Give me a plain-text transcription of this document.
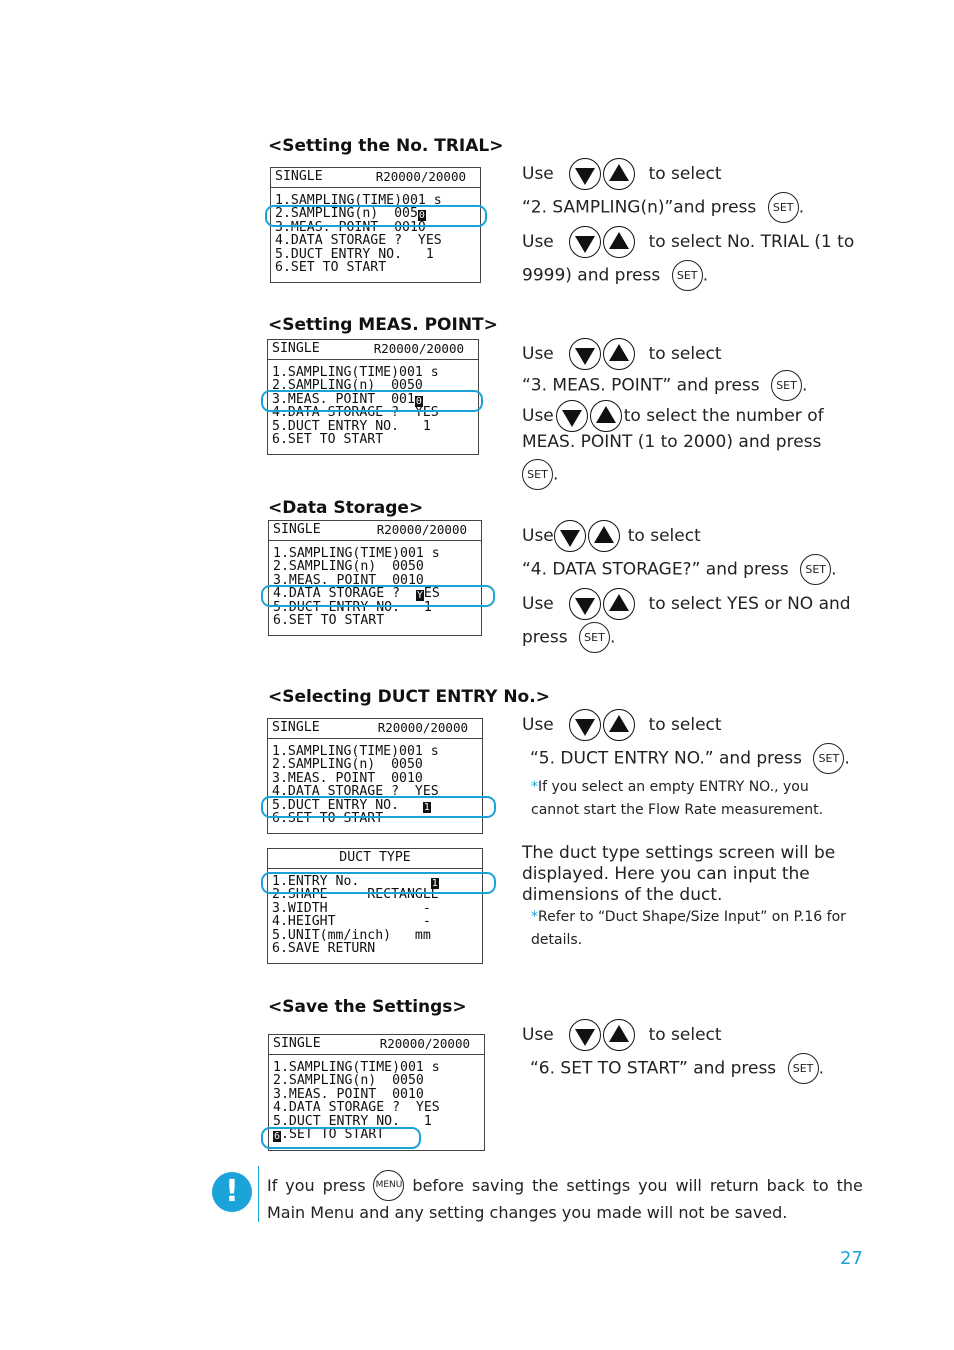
<Setting the No. TRIAL>
SINGLE	R20000/20000
1.SAMPLING(TIME)001 s
2.SAMPLING(n)  0050
3.MEAS. POINT  0010
4.DATA STORAGE ?  YES
5.DUCT ENTRY NO.   1
6.SET TO START
Use	to select
“2. SAMPLING(n)”and press SET .
Use	to select No. TRIAL (1 to
9999) and press SET .
<Setting MEAS. POINT>
SINGLE	R20000/20000
1.SAMPLING(TIME)001 s
2.SAMPLING(n)  0050
3.MEAS. POINT  0010
4.DATA STORAGE ?  YES
5.DUCT ENTRY NO.   1
6.SET TO START
Use	to select
“3. MEAS. POINT” and press SET .
Use	to select the number of
MEAS. POINT (1 to 2000) and press
SET .
<Data Storage>
SINGLE	R20000/20000
1.SAMPLING(TIME)001 s
2.SAMPLING(n)  0050
3.MEAS. POINT  0010
4.DATA STORAGE ?  YES
5.DUCT ENTRY NO.   1
6.SET TO START
Use	to select
“4. DATA STORAGE?” and press SET .
Use	to select YES or NO and
press SET .
<Selecting DUCT ENTRY No.>
SINGLE	R20000/20000
1.SAMPLING(TIME)001 s
2.SAMPLING(n)  0050
3.MEAS. POINT  0010
4.DATA STORAGE ?  YES
5.DUCT ENTRY NO.   1
6.SET TO START
Use	to select
“5. DUCT ENTRY NO.” and press SET .
*If you select an empty ENTRY NO., you
cannot start the Flow Rate measurement.
DUCT TYPE
1.ENTRY No.         1
2.SHAPE     RECTANGLE
3.WIDTH            -
4.HEIGHT           -
5.UNIT(mm/inch)   mm
6.SAVE RETURN
The duct type settings screen will be
displayed. Here you can input the
dimensions of the duct.
*Refer to “Duct Shape/Size Input” on P.16 for
details.
<Save the Settings>
SINGLE	R20000/20000
1.SAMPLING(TIME)001 s
2.SAMPLING(n)  0050
3.MEAS. POINT  0010
4.DATA STORAGE ?  YES
5.DUCT ENTRY NO.   1
6.SET TO START
Use	to select
“6. SET TO START” and press SET .
!	If you press MENU before saving the settings you will return back to the
Main Menu and any setting changes you made will not be saved.
27
